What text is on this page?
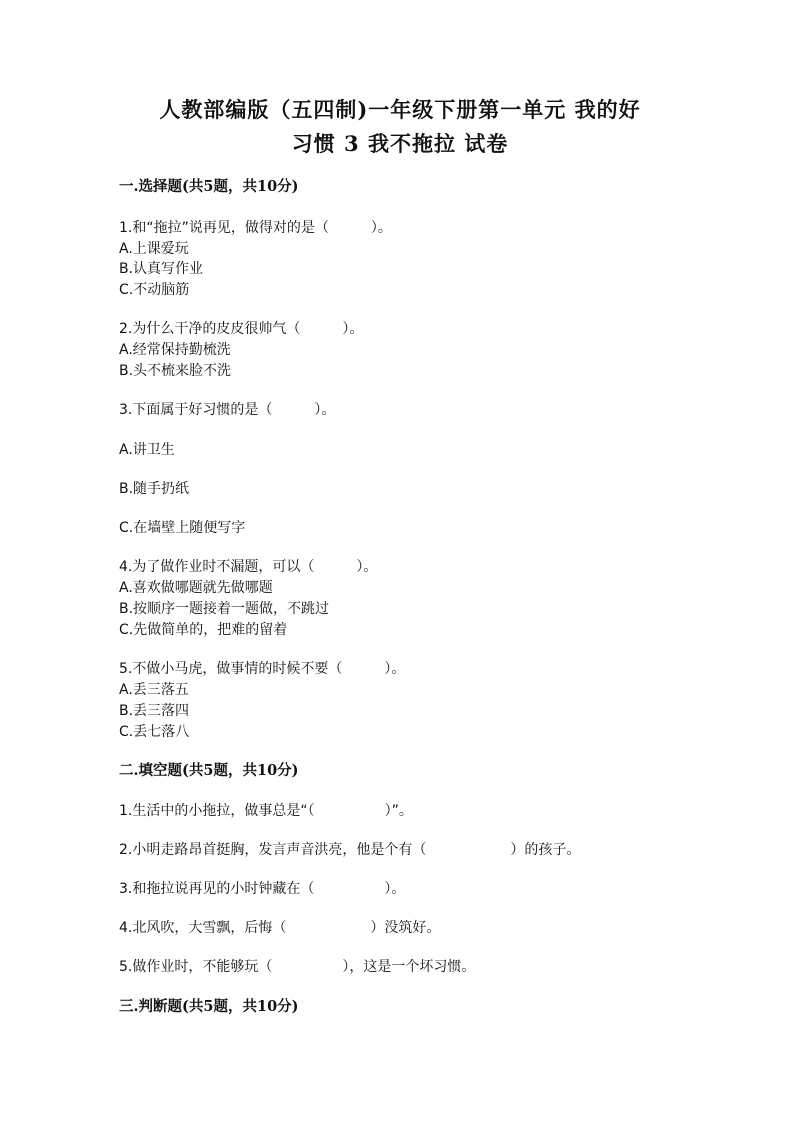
人教部编版（五四制)一年级下册第一单元 我的好
习惯 3 我不拖拉 试卷
一.选择题(共5题，共10分)
1.和“拖拉”说再见，做得对的是（　　　）。
A.上课爱玩
B.认真写作业
C.不动脑筋
2.为什么干净的皮皮很帅气（　　　）。
A.经常保持勤梳洗
B.头不梳来脸不洗
3.下面属于好习惯的是（　　　）。
A.讲卫生
B.随手扔纸
C.在墙壁上随便写字
4.为了做作业时不漏题，可以（　　　）。
A.喜欢做哪题就先做哪题
B.按顺序一题接着一题做，不跳过
C.先做简单的，把难的留着
5.不做小马虎，做事情的时候不要（　　　）。
A.丢三落五
B.丢三落四
C.丢七落八
二.填空题(共5题，共10分)
1.生活中的小拖拉，做事总是“（　　　　　）”。
2.小明走路昂首挺胸，发言声音洪亮，他是个有（　　　　　　）的孩子。
3.和拖拉说再见的小时钟藏在（　　　　　）。
4.北风吹，大雪飘，后悔（　　　　　　）没筑好。
5.做作业时，不能够玩（　　　　　），这是一个坏习惯。
三.判断题(共5题，共10分)
